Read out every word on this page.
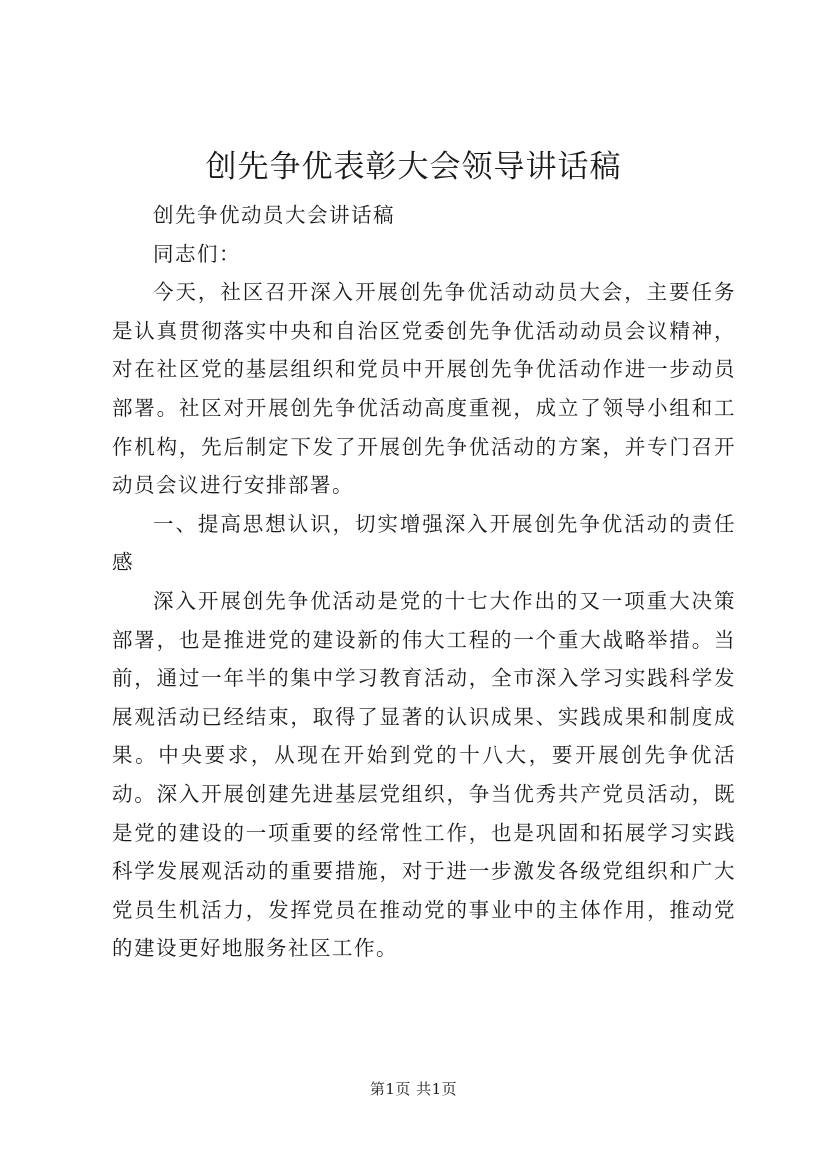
创先争优表彰大会领导讲话稿

创先争优动员大会讲话稿

同志们：

今天，社区召开深入开展创先争优活动动员大会，主要任务是认真贯彻落实中央和自治区党委创先争优活动动员会议精神，对在社区党的基层组织和党员中开展创先争优活动作进一步动员部署。社区对开展创先争优活动高度重视，成立了领导小组和工作机构，先后制定下发了开展创先争优活动的方案，并专门召开动员会议进行安排部署。

一、提高思想认识，切实增强深入开展创先争优活动的责任感

深入开展创先争优活动是党的十七大作出的又一项重大决策部署，也是推进党的建设新的伟大工程的一个重大战略举措。当前，通过一年半的集中学习教育活动，全市深入学习实践科学发展观活动已经结束，取得了显著的认识成果、实践成果和制度成果。中央要求，从现在开始到党的十八大，要开展创先争优活动。深入开展创建先进基层党组织，争当优秀共产党员活动，既是党的建设的一项重要的经常性工作，也是巩固和拓展学习实践科学发展观活动的重要措施，对于进一步激发各级党组织和广大党员生机活力，发挥党员在推动党的事业中的主体作用，推动党的建设更好地服务社区工作。

第1页 共1页
